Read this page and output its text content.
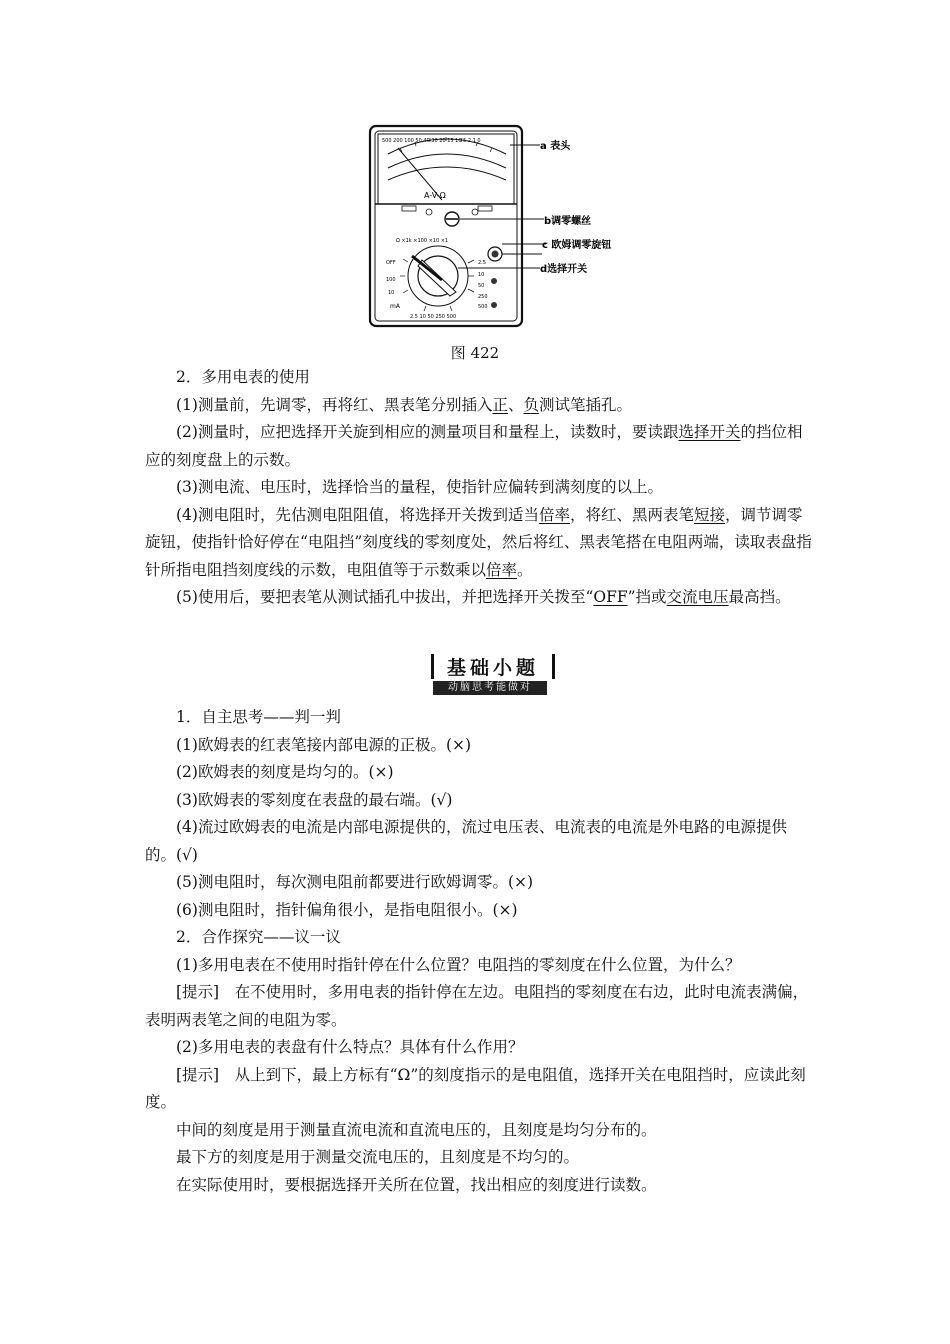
500 200 100 50 40 30 20 15 10 5 2 1 0
A-V-Ω
Ω ×1k ×100 ×10 ×1
OFF
100
10
2.5
10
50
250
500
mA
2.5 10 50 250 500
a 表头
b调零螺丝
c 欧姆调零旋钮
d选择开关
图 422

2．多用电表的使用

(1)测量前，先调零，再将红、黑表笔分别插入正、负测试笔插孔。

(2)测量时，应把选择开关旋到相应的测量项目和量程上，读数时，要读跟选择开关的挡位相应的刻度盘上的示数。

(3)测电流、电压时，选择恰当的量程，使指针应偏转到满刻度的以上。

(4)测电阻时，先估测电阻阻值，将选择开关拨到适当倍率，将红、黑两表笔短接，调节调零旋钮，使指针恰好停在“电阻挡”刻度线的零刻度处，然后将红、黑表笔搭在电阻两端，读取表盘指针所指电阻挡刻度线的示数，电阻值等于示数乘以倍率。

(5)使用后，要把表笔从测试插孔中拔出，并把选择开关拨至“OFF”挡或交流电压最高挡。

基础小题
动脑思考能做对

1．自主思考——判一判

(1)欧姆表的红表笔接内部电源的正极。(×)

(2)欧姆表的刻度是均匀的。(×)

(3)欧姆表的零刻度在表盘的最右端。(√)

(4)流过欧姆表的电流是内部电源提供的，流过电压表、电流表的电流是外电路的电源提供的。(√)

(5)测电阻时，每次测电阻前都要进行欧姆调零。(×)

(6)测电阻时，指针偏角很小，是指电阻很小。(×)

2．合作探究——议一议

(1)多用电表在不使用时指针停在什么位置？电阻挡的零刻度在什么位置，为什么？

[提示]　在不使用时，多用电表的指针停在左边。电阻挡的零刻度在右边，此时电流表满偏，表明两表笔之间的电阻为零。

(2)多用电表的表盘有什么特点？具体有什么作用？

[提示]　从上到下，最上方标有“Ω”的刻度指示的是电阻值，选择开关在电阻挡时，应读此刻度。

中间的刻度是用于测量直流电流和直流电压的，且刻度是均匀分布的。

最下方的刻度是用于测量交流电压的，且刻度是不均匀的。

在实际使用时，要根据选择开关所在位置，找出相应的刻度进行读数。
